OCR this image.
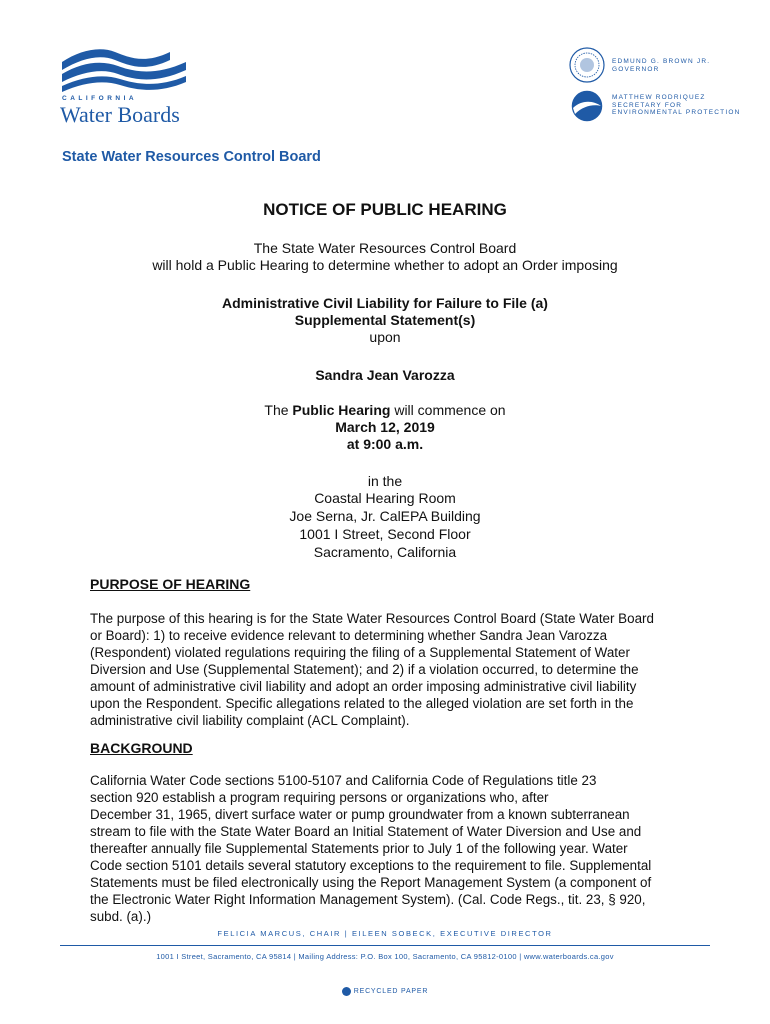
CALIFORNIA
Water Boards
State Water Resources Control Board
EDMUND G. BROWN JR.
GOVERNOR
MATTHEW RODRIQUEZ
SECRETARY FOR
ENVIRONMENTAL PROTECTION
NOTICE OF PUBLIC HEARING
The State Water Resources Control Board
will hold a Public Hearing to determine whether to adopt an Order imposing
Administrative Civil Liability for Failure to File (a)
Supplemental Statement(s)
upon
Sandra Jean Varozza
The Public Hearing will commence on
March 12, 2019
at 9:00 a.m.
in the
Coastal Hearing Room
Joe Serna, Jr. CalEPA Building
1001 I Street, Second Floor
Sacramento, California
PURPOSE OF HEARING
The purpose of this hearing is for the State Water Resources Control Board (State Water Board
or Board): 1) to receive evidence relevant to determining whether Sandra Jean Varozza
(Respondent) violated regulations requiring the filing of a Supplemental Statement of Water
Diversion and Use (Supplemental Statement); and 2) if a violation occurred, to determine the
amount of administrative civil liability and adopt an order imposing administrative civil liability
upon the Respondent. Specific allegations related to the alleged violation are set forth in the
administrative civil liability complaint (ACL Complaint).
BACKGROUND
California Water Code sections 5100-5107 and California Code of Regulations title 23
section 920 establish a program requiring persons or organizations who, after
December 31, 1965, divert surface water or pump groundwater from a known subterranean
stream to file with the State Water Board an Initial Statement of Water Diversion and Use and
thereafter annually file Supplemental Statements prior to July 1 of the following year. Water
Code section 5101 details several statutory exceptions to the requirement to file. Supplemental
Statements must be filed electronically using the Report Management System (a component of
the Electronic Water Right Information Management System). (Cal. Code Regs., tit. 23, § 920,
subd. (a).)
FELICIA MARCUS, CHAIR | EILEEN SOBECK, EXECUTIVE DIRECTOR
1001 I Street, Sacramento, CA 95814 | Mailing Address: P.O. Box 100, Sacramento, CA 95812-0100 | www.waterboards.ca.gov
RECYCLED PAPER
